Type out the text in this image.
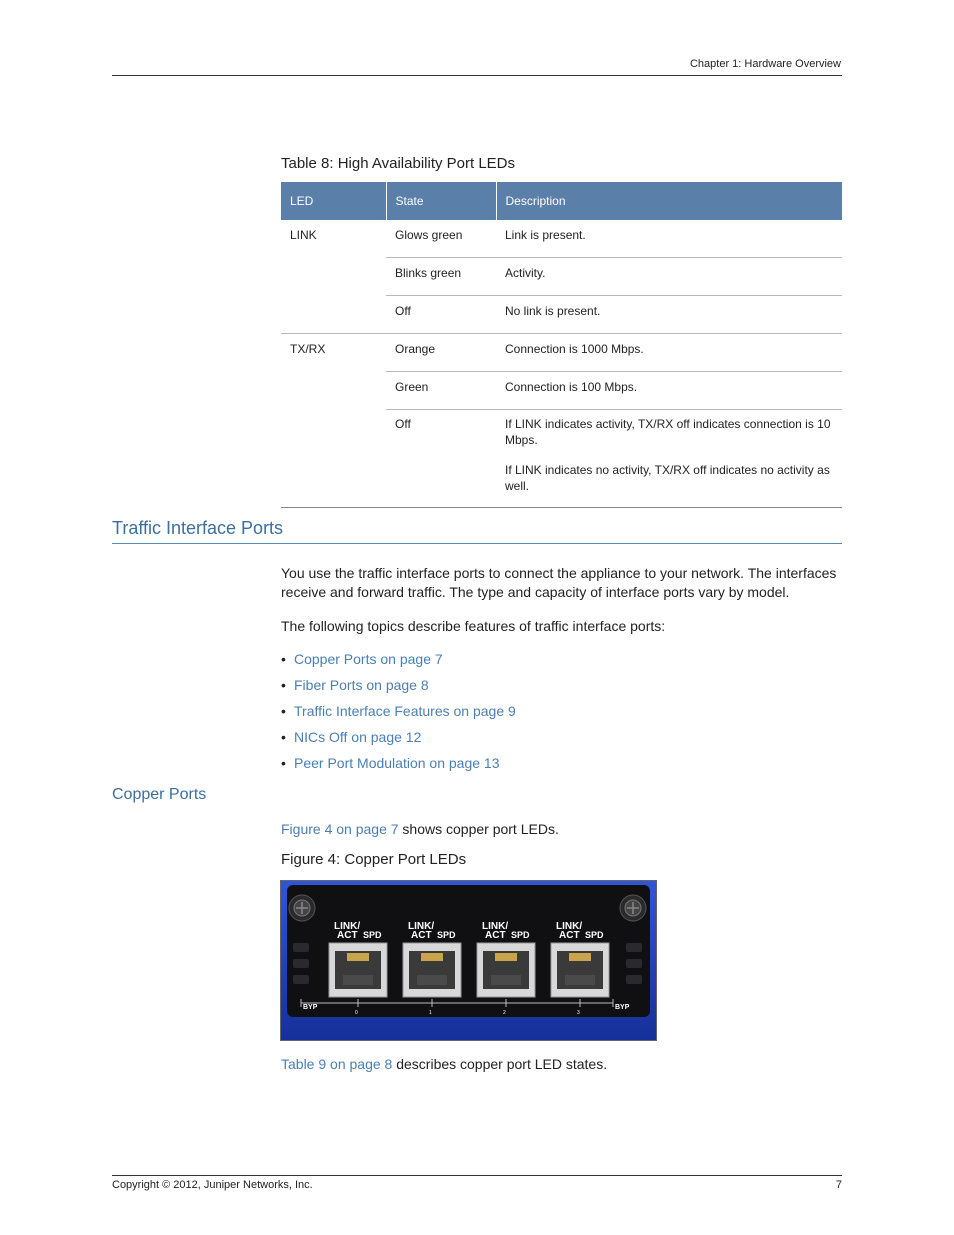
Chapter 1: Hardware Overview
Table 8: High Availability Port LEDs
LED	State	Description

LINK	Glows green	Link is present.

	Blinks green	Activity.

	Off	No link is present.

TX/RX	Orange	Connection is 1000 Mbps.

	Green	Connection is 100 Mbps.

	Off	If LINK indicates activity, TX/RX off indicates connection is 10 Mbps.

If LINK indicates no activity, TX/RX off indicates no activity as well.

Traffic Interface Ports
You use the traffic interface ports to connect the appliance to your network. The interfaces receive and forward traffic. The type and capacity of interface ports vary by model.
The following topics describe features of traffic interface ports:
• Copper Ports on page 7
• Fiber Ports on page 8
• Traffic Interface Features on page 9
• NICs Off on page 12
• Peer Port Modulation on page 13
Copper Ports
Figure 4 on page 7 shows copper port LEDs.
Figure 4: Copper Port LEDs
LINK/
ACT SPD
LINK/
ACT SPD
LINK/
ACT SPD
LINK/
ACT SPD
BYP	BYP
0	1	2	3
Table 9 on page 8 describes copper port LED states.
Copyright © 2012, Juniper Networks, Inc.	7
